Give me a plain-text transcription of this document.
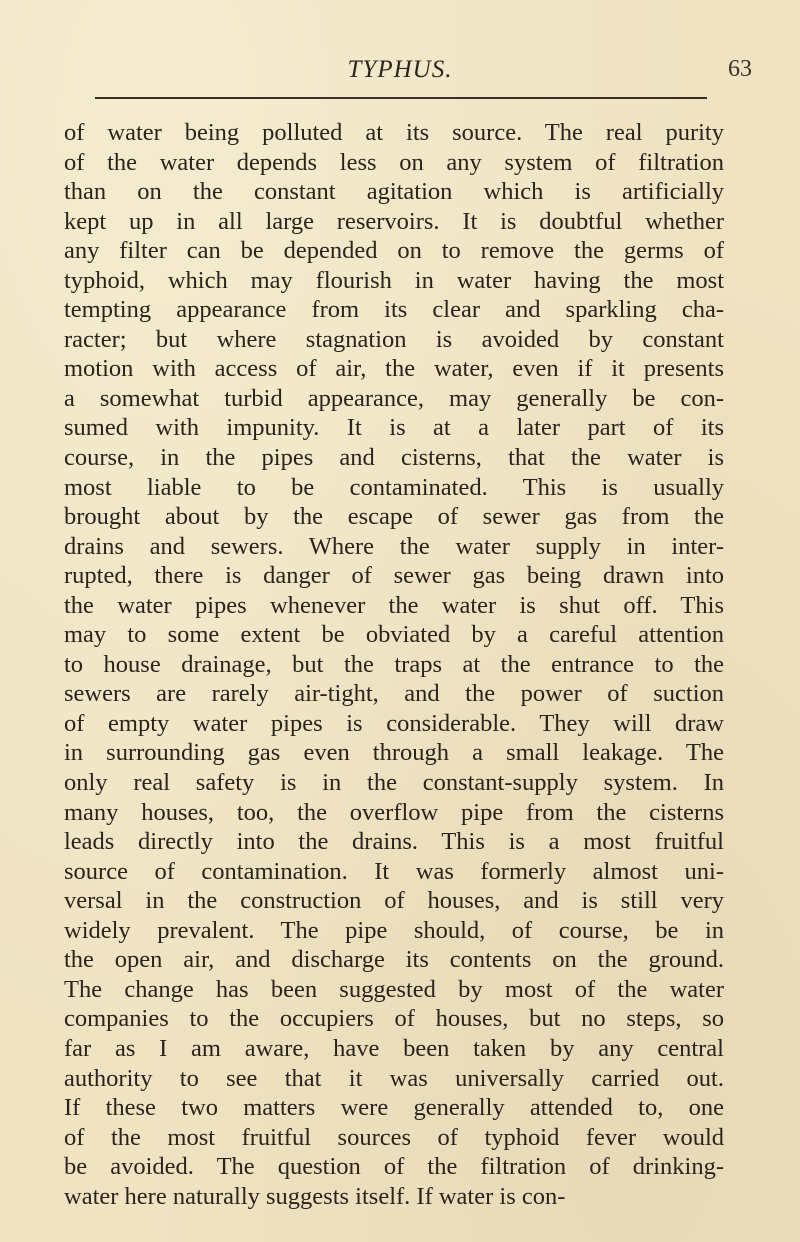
TYPHUS.	63
of water being polluted at its source. The real purity
of the water depends less on any system of filtration
than on the constant agitation which is artificially
kept up in all large reservoirs. It is doubtful whether
any filter can be depended on to remove the germs of
typhoid, which may flourish in water having the most
tempting appearance from its clear and sparkling cha-
racter; but where stagnation is avoided by constant
motion with access of air, the water, even if it presents
a somewhat turbid appearance, may generally be con-
sumed with impunity. It is at a later part of its
course, in the pipes and cisterns, that the water is
most liable to be contaminated. This is usually
brought about by the escape of sewer gas from the
drains and sewers. Where the water supply in inter-
rupted, there is danger of sewer gas being drawn into
the water pipes whenever the water is shut off. This
may to some extent be obviated by a careful attention
to house drainage, but the traps at the entrance to the
sewers are rarely air-tight, and the power of suction
of empty water pipes is considerable. They will draw
in surrounding gas even through a small leakage. The
only real safety is in the constant-supply system. In
many houses, too, the overflow pipe from the cisterns
leads directly into the drains. This is a most fruitful
source of contamination. It was formerly almost uni-
versal in the construction of houses, and is still very
widely prevalent. The pipe should, of course, be in
the open air, and discharge its contents on the ground.
The change has been suggested by most of the water
companies to the occupiers of houses, but no steps, so
far as I am aware, have been taken by any central
authority to see that it was universally carried out.
If these two matters were generally attended to, one
of the most fruitful sources of typhoid fever would
be avoided. The question of the filtration of drinking-
water here naturally suggests itself. If water is con-
